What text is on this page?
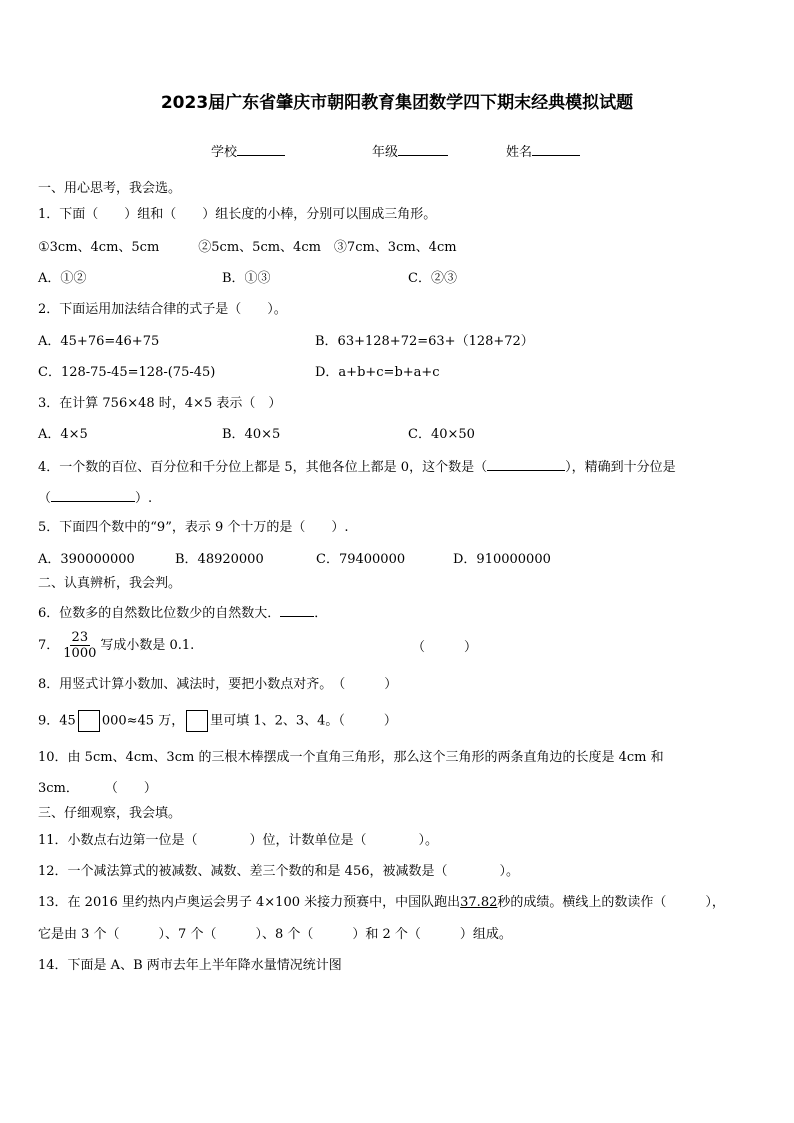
2023届广东省肇庆市朝阳教育集团数学四下期末经典模拟试题
学校	年级	姓名
一、用心思考，我会选。
1．下面（　　）组和（　　）组长度的小棒，分别可以围成三角形。
①3cm、4cm、5cm　　　②5cm、5cm、4cm　③7cm、3cm、4cm
A．①②	B．①③	C．②③
2．下面运用加法结合律的式子是（　　）。
A．45+76=46+75	B．63+128+72=63+（128+72）
C．128-75-45=128-(75-45)	D．a+b+c=b+a+c
3．在计算 756×48 时，4×5 表示（　）
A．4×5	B．40×5	C．40×50
4．一个数的百位、百分位和千分位上都是 5，其他各位上都是 0，这个数是（	），精确到十分位是
（	）.
5．下面四个数中的“9”，表示 9 个十万的是（　　）.
A．390000000	B．48920000	C．79400000	D．910000000
二、认真辨析，我会判。
6．位数多的自然数比位数少的自然数大．	．
7． $\frac{23}{1000}$ 写成小数是 0.1.	（　　　）
8．用竖式计算小数加、减法时，要把小数点对齐。　 （　　　）
9．45 000≈45 万， 里可填 1、2、3、4。（　　　）
10．由 5cm、4cm、3cm 的三根木棒摆成一个直角三角形，那么这个三角形的两条直角边的长度是 4cm 和
3cm．　　　	（　　）
三、仔细观察，我会填。
11．小数点右边第一位是（　　　　）位，计数单位是（　　　　）。
12．一个减法算式的被减数、减数、差三个数的和是 456，被减数是（　　　　）。
13．在 2016 里约热内卢奥运会男子 4×100 米接力预赛中，中国队跑出37.82秒的成绩。横线上的数读作（　　　），
它是由 3 个（　　　）、7 个（　　　）、8 个（　　　）和 2 个（　　　）组成。
14．下面是 A、B 两市去年上半年降水量情况统计图
